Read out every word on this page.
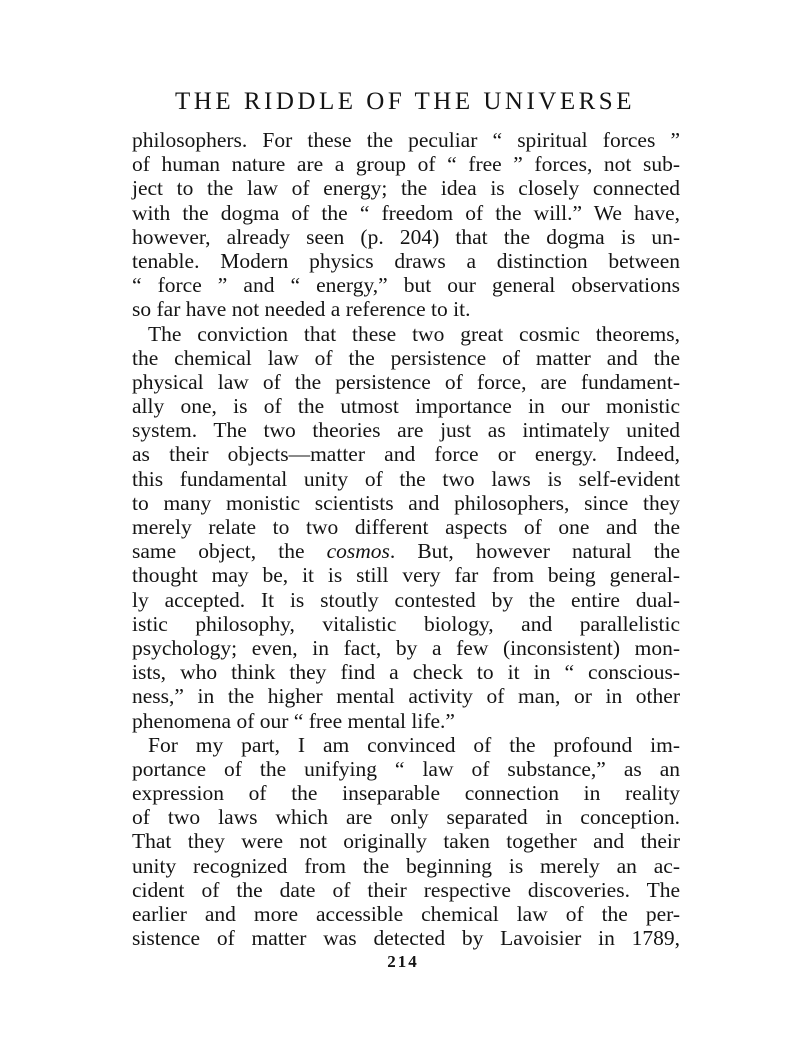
THE RIDDLE OF THE UNIVERSE
philosophers. For these the peculiar “ spiritual forces ”
of human nature are a group of “ free ” forces, not sub-
ject to the law of energy; the idea is closely connected
with the dogma of the “ freedom of the will.” We have,
however, already seen (p. 204) that the dogma is un-
tenable. Modern physics draws a distinction between
“ force ” and “ energy,” but our general observations
so far have not needed a reference to it.
The conviction that these two great cosmic theorems,
the chemical law of the persistence of matter and the
physical law of the persistence of force, are fundament-
ally one, is of the utmost importance in our monistic
system. The two theories are just as intimately united
as their objects—matter and force or energy. Indeed,
this fundamental unity of the two laws is self-evident
to many monistic scientists and philosophers, since they
merely relate to two different aspects of one and the
same object, the cosmos. But, however natural the
thought may be, it is still very far from being general-
ly accepted. It is stoutly contested by the entire dual-
istic philosophy, vitalistic biology, and parallelistic
psychology; even, in fact, by a few (inconsistent) mon-
ists, who think they find a check to it in “ conscious-
ness,” in the higher mental activity of man, or in other
phenomena of our “ free mental life.”
For my part, I am convinced of the profound im-
portance of the unifying “ law of substance,” as an
expression of the inseparable connection in reality
of two laws which are only separated in conception.
That they were not originally taken together and their
unity recognized from the beginning is merely an ac-
cident of the date of their respective discoveries. The
earlier and more accessible chemical law of the per-
sistence of matter was detected by Lavoisier in 1789,
214
